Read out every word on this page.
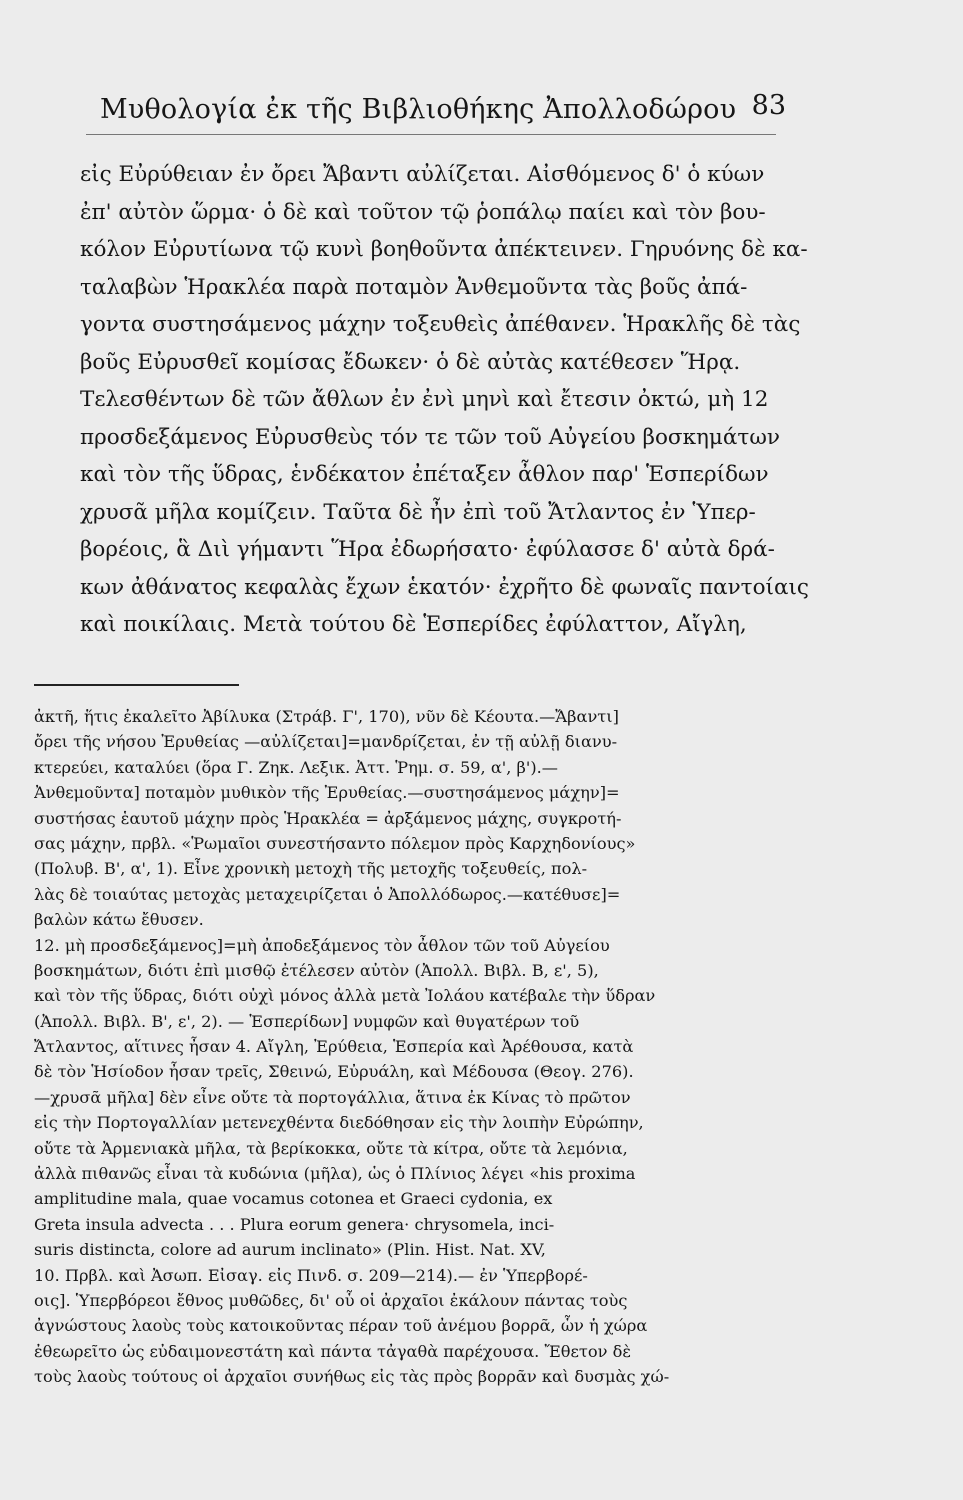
Μυθολογία ἐκ τῆς Βιβλιοθήκης Ἀπολλοδώρου 83
εἰς Εὐρύθειαν ἐν ὄρει Ἄβαντι αὐλίζεται. Αἰσθόμενος δ' ὁ κύων
ἐπ' αὐτὸν ὥρμα· ὁ δὲ καὶ τοῦτον τῷ ῥοπάλῳ παίει καὶ τὸν βου-
κόλον Εὐρυτίωνα τῷ κυνὶ βοηθοῦντα ἀπέκτεινεν. Γηρυόνης δὲ κα-
ταλαβὼν Ἡρακλέα παρὰ ποταμὸν Ἀνθεμοῦντα τὰς βοῦς ἀπά-
γοντα συστησάμενος μάχην τοξευθεὶς ἀπέθανεν. Ἡρακλῆς δὲ τὰς
βοῦς Εὐρυσθεῖ κομίσας ἔδωκεν· ὁ δὲ αὐτὰς κατέθεσεν Ἥρᾳ.
Τελεσθέντων δὲ τῶν ἄθλων ἐν ἐνὶ μηνὶ καὶ ἔτεσιν ὀκτώ, μὴ 12
προσδεξάμενος Εὐρυσθεὺς τόν τε τῶν τοῦ Αὐγείου βοσκημάτων
καὶ τὸν τῆς ὕδρας, ἑνδέκατον ἐπέταξεν ἆθλον παρ' Ἑσπερίδων
χρυσᾶ μῆλα κομίζειν. Ταῦτα δὲ ἦν ἐπὶ τοῦ Ἄτλαντος ἐν Ὑπερ-
βορέοις, ἃ Διὶ γήμαντι Ἥρα ἐδωρήσατο· ἐφύλασσε δ' αὐτὰ δρά-
κων ἀθάνατος κεφαλὰς ἔχων ἑκατόν· ἐχρῆτο δὲ φωναῖς παντοίαις
καὶ ποικίλαις. Μετὰ τούτου δὲ Ἑσπερίδες ἐφύλαττον, Αἴγλη,
ἀκτῆ, ἥτις ἐκαλεῖτο Ἀβίλυκα (Στράβ. Γ', 170), νῦν δὲ Κέουτα.—Ἄβαντι]
ὄρει τῆς νήσου Ἐρυθείας —αὐλίζεται]=μανδρίζεται, ἐν τῇ αὐλῇ διανυ-
κτερεύει, καταλύει (ὅρα Γ. Ζηκ. Λεξικ. Ἀττ. Ῥημ. σ. 59, α', β').—
Ἀνθεμοῦντα] ποταμὸν μυθικὸν τῆς Ἐρυθείας.—συστησάμενος μάχην]=
συστήσας ἑαυτοῦ μάχην πρὸς Ἡρακλέα = ἀρξάμενος μάχης, συγκροτή-
σας μάχην, πρβλ. «Ῥωμαῖοι συνεστήσαντο πόλεμον πρὸς Καρχηδονίους»
(Πολυβ. Β', α', 1). Εἶνε χρονικὴ μετοχὴ τῆς μετοχῆς τοξευθείς, πολ-
λὰς δὲ τοιαύτας μετοχὰς μεταχειρίζεται ὁ Ἀπολλόδωρος.—κατέθυσε]=
βαλὼν κάτω ἔθυσεν.
12. μὴ προσδεξάμενος]=μὴ ἀποδεξάμενος τὸν ἆθλον τῶν τοῦ Αὐγείου
βοσκημάτων, διότι ἐπὶ μισθῷ ἐτέλεσεν αὐτὸν (Ἀπολλ. Βιβλ. Β, ε', 5),
καὶ τὸν τῆς ὕδρας, διότι οὐχὶ μόνος ἀλλὰ μετὰ Ἰολάου κατέβαλε τὴν ὕδραν
(Ἀπολλ. Βιβλ. Β', ε', 2). — Ἑσπερίδων] νυμφῶν καὶ θυγατέρων τοῦ
Ἄτλαντος, αἵτινες ἦσαν 4. Αἴγλη, Ἐρύθεια, Ἑσπερία καὶ Ἀρέθουσα, κατὰ
δὲ τὸν Ἡσίοδον ἦσαν τρεῖς, Σθεινώ, Εὐρυάλη, καὶ Μέδουσα (Θεογ. 276).
—χρυσᾶ μῆλα] δὲν εἶνε οὔτε τὰ πορτογάλλια, ἅτινα ἐκ Κίνας τὸ πρῶτον
εἰς τὴν Πορτογαλλίαν μετενεχθέντα διεδόθησαν εἰς τὴν λοιπὴν Εὐρώπην,
οὔτε τὰ Ἀρμενιακὰ μῆλα, τὰ βερίκοκκα, οὔτε τὰ κίτρα, οὔτε τὰ λεμόνια,
ἀλλὰ πιθανῶς εἶναι τὰ κυδώνια (μῆλα), ὡς ὁ Πλίνιος λέγει «his proxima
amplitudine mala, quae vocamus cotonea et Graeci cydonia, ex
Greta insula advecta . . . Plura eorum genera· chrysomela, inci-
suris distincta, colore ad aurum inclinato» (Plin. Hist. Nat. XV,
10. Πρβλ. καὶ Ἀσωπ. Εἰσαγ. εἰς Πινδ. σ. 209—214).— ἐν Ὑπερβορέ-
οις]. Ὑπερβόρεοι ἔθνος μυθῶδες, δι' οὗ οἱ ἀρχαῖοι ἐκάλουν πάντας τοὺς
ἀγνώστους λαοὺς τοὺς κατοικοῦντας πέραν τοῦ ἀνέμου βορρᾶ, ὧν ἡ χώρα
ἐθεωρεῖτο ὡς εὐδαιμονεστάτη καὶ πάντα τἀγαθὰ παρέχουσα. Ἔθετον δὲ
τοὺς λαοὺς τούτους οἱ ἀρχαῖοι συνήθως εἰς τὰς πρὸς βορρᾶν καὶ δυσμὰς χώ-
